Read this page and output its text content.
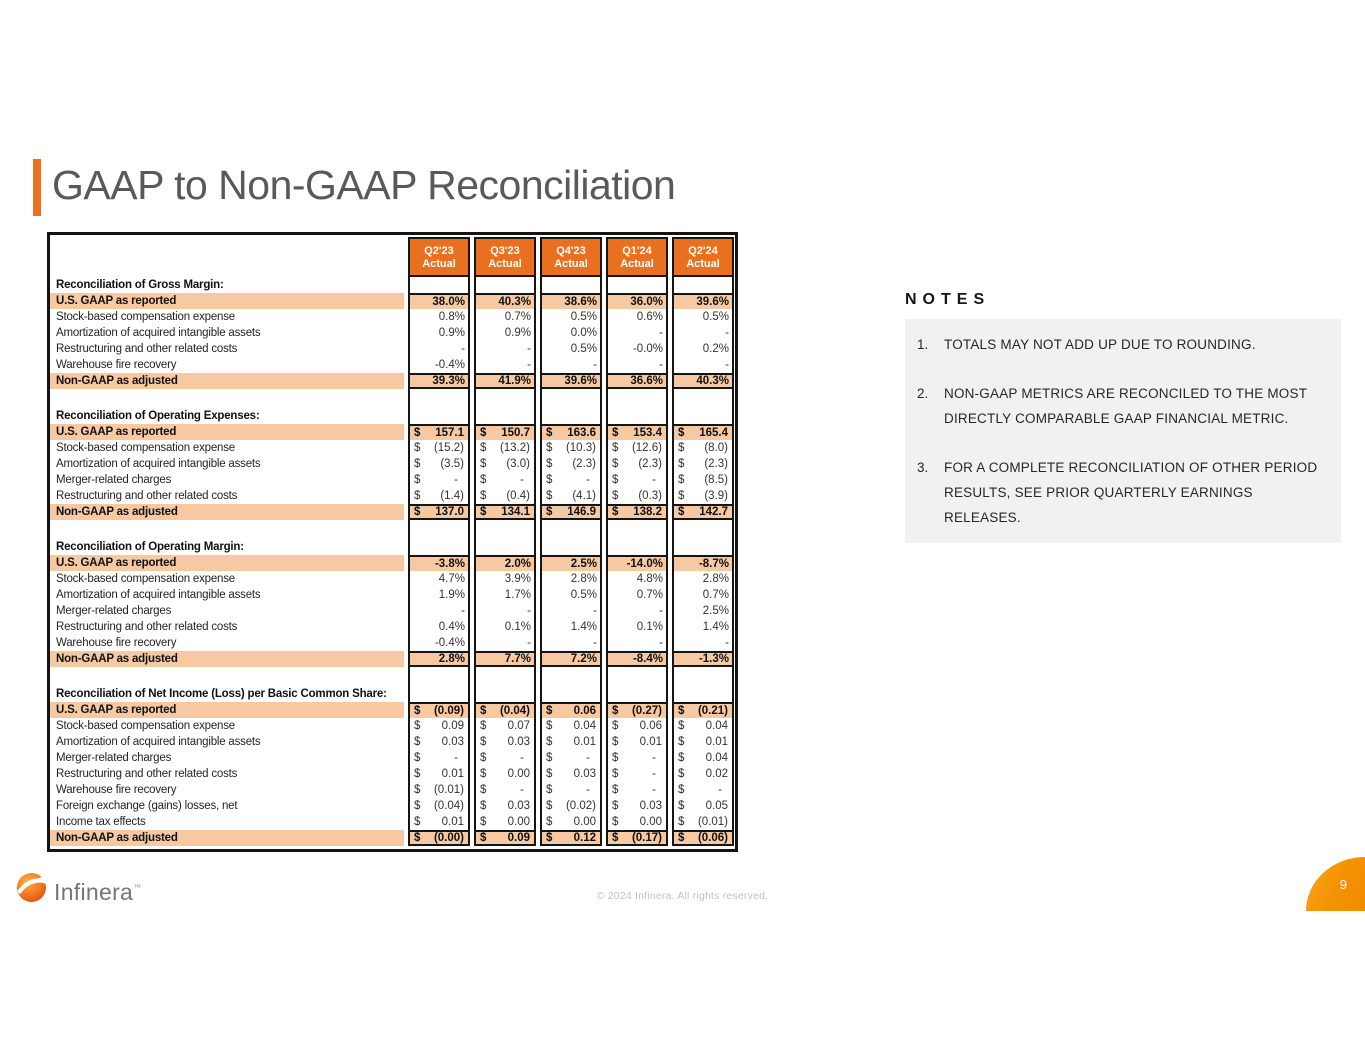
GAAP to Non-GAAP Reconciliation
Q2'23
Actual
Q3'23
Actual
Q4'23
Actual
Q1'24
Actual
Q2'24
Actual
Reconciliation of Gross Margin:
U.S. GAAP as reported	38.0%	40.3%	38.6%	36.0%	39.6%
Stock-based compensation expense	0.8%	0.7%	0.5%	0.6%	0.5%
Amortization of acquired intangible assets	0.9%	0.9%	0.0%	-	-
Restructuring and other related costs	-	-	0.5%	-0.0%	0.2%
Warehouse fire recovery	-0.4%	-	-	-	-
Non-GAAP as adjusted	39.3%	41.9%	39.6%	36.6%	40.3%
Reconciliation of Operating Expenses:
U.S. GAAP as reported	$ 157.1 $ 150.7 $ 163.6 $ 153.4 $ 165.4
Stock-based compensation expense	$ (15.2) $ (13.2) $ (10.3) $ (12.6) $ (8.0)
Amortization of acquired intangible assets	$ (3.5) $ (3.0) $ (2.3) $ (2.3) $ (2.3)
Merger-related charges	$	-	$	-	$	-	$	-	$ (8.5)
Restructuring and other related costs	$ (1.4) $ (0.4) $ (4.1) $ (0.3) $ (3.9)
Non-GAAP as adjusted	$ 137.0 $ 134.1 $ 146.9 $ 138.2 $ 142.7
Reconciliation of Operating Margin:
U.S. GAAP as reported	-3.8%	2.0%	2.5%	-14.0%	-8.7%
Stock-based compensation expense	4.7%	3.9%	2.8%	4.8%	2.8%
Amortization of acquired intangible assets	1.9%	1.7%	0.5%	0.7%	0.7%
Merger-related charges	-	-	-	-	2.5%
Restructuring and other related costs	0.4%	0.1%	1.4%	0.1%	1.4%
Warehouse fire recovery	-0.4%	-	-	-	-
Non-GAAP as adjusted	2.8%	7.7%	7.2%	-8.4%	-1.3%
Reconciliation of Net Income (Loss) per Basic Common Share:
U.S. GAAP as reported	$ (0.09) $ (0.04) $ 0.06 $ (0.27) $ (0.21)
Stock-based compensation expense	$ 0.09 $ 0.07 $ 0.04 $ 0.06 $ 0.04
Amortization of acquired intangible assets	$ 0.03 $ 0.03 $ 0.01 $ 0.01 $ 0.01
Merger-related charges	$	-	$	-	$	-	$	-	$ 0.04
Restructuring and other related costs	$ 0.01 $ 0.00 $ 0.03 $	-	$ 0.02
Warehouse fire recovery	$ (0.01) $	-	$	-	$	-	$	-
Foreign exchange (gains) losses, net	$ (0.04) $ 0.03 $ (0.02) $ 0.03 $ 0.05
Income tax effects	$ 0.01 $ 0.00 $ 0.00 $ 0.00 $ (0.01)
Non-GAAP as adjusted	$ (0.00) $ 0.09 $ 0.12 $ (0.17) $ (0.06)
NOTES
1.	TOTALS MAY NOT ADD UP DUE TO ROUNDING.
2.	NON-GAAP METRICS ARE RECONCILED TO THE MOST DIRECTLY COMPARABLE GAAP FINANCIAL METRIC.
3.	FOR A COMPLETE RECONCILIATION OF OTHER PERIOD RESULTS, SEE PRIOR QUARTERLY EARNINGS RELEASES.
Infinera™
© 2024 Infinera. All rights reserved.
9
